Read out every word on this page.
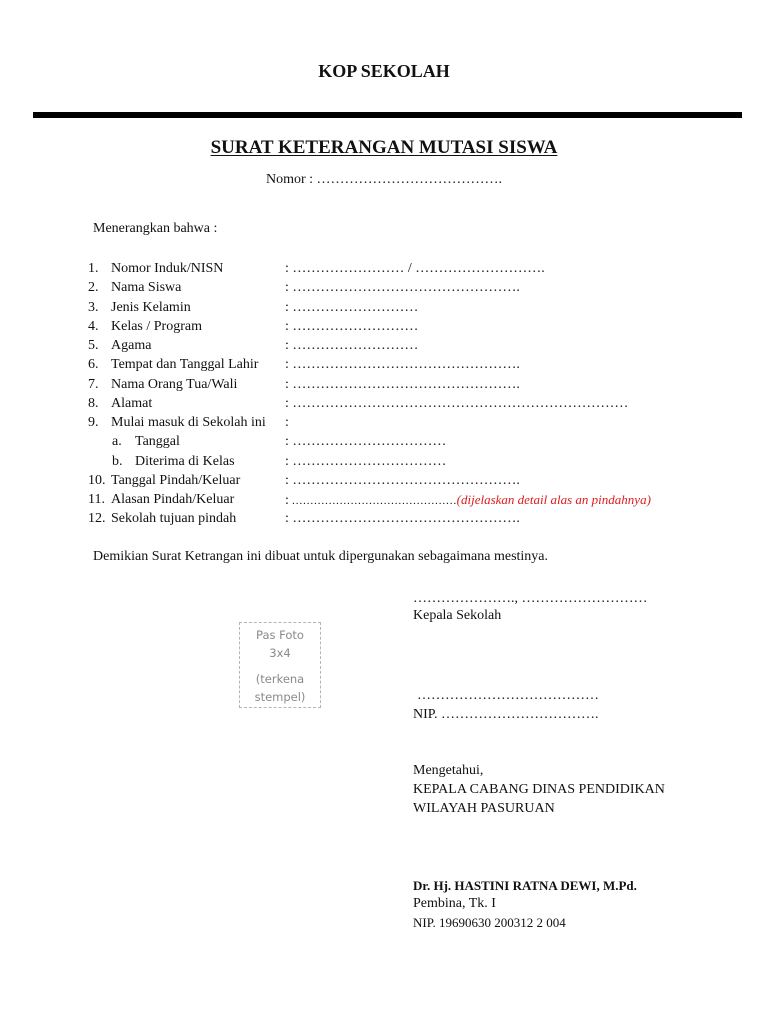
KOP SEKOLAH
SURAT KETERANGAN MUTASI SISWA
Nomor : ………………………………….
Menerangkan bahwa :
1. Nomor Induk/NISN	: …………………… / ……………………….
2. Nama Siswa	: ………………………………………….
3. Jenis Kelamin	: ………………………
4. Kelas / Program	: ………………………
5. Agama	: ………………………
6. Tempat dan Tanggal Lahir : ………………………………………….
7. Nama Orang Tua/Wali	: ………………………………………….
8. Alamat	: ………………………………………………………………
9. Mulai masuk di Sekolah ini :
a. Tanggal	: ……………………………
b. Diterima di Kelas	: ……………………………
10. Tanggal Pindah/Keluar	: ………………………………………….
11. Alasan Pindah/Keluar	: ………………………………………(dijelaskan detail alas an pindahnya)
12. Sekolah tujuan pindah	: ………………………………………….
Demikian Surat Ketrangan ini dibuat untuk dipergunakan sebagaimana mestinya.
…………………., ………………………
Kepala Sekolah
…………………………………
NIP. …………………………….
Mengetahui,
KEPALA CABANG DINAS PENDIDIKAN
WILAYAH PASURUAN
Dr. Hj. HASTINI RATNA DEWI, M.Pd.
Pembina, Tk. I
NIP. 19690630 200312 2 004
Pas Foto
3x4
(terkena
stempel)
